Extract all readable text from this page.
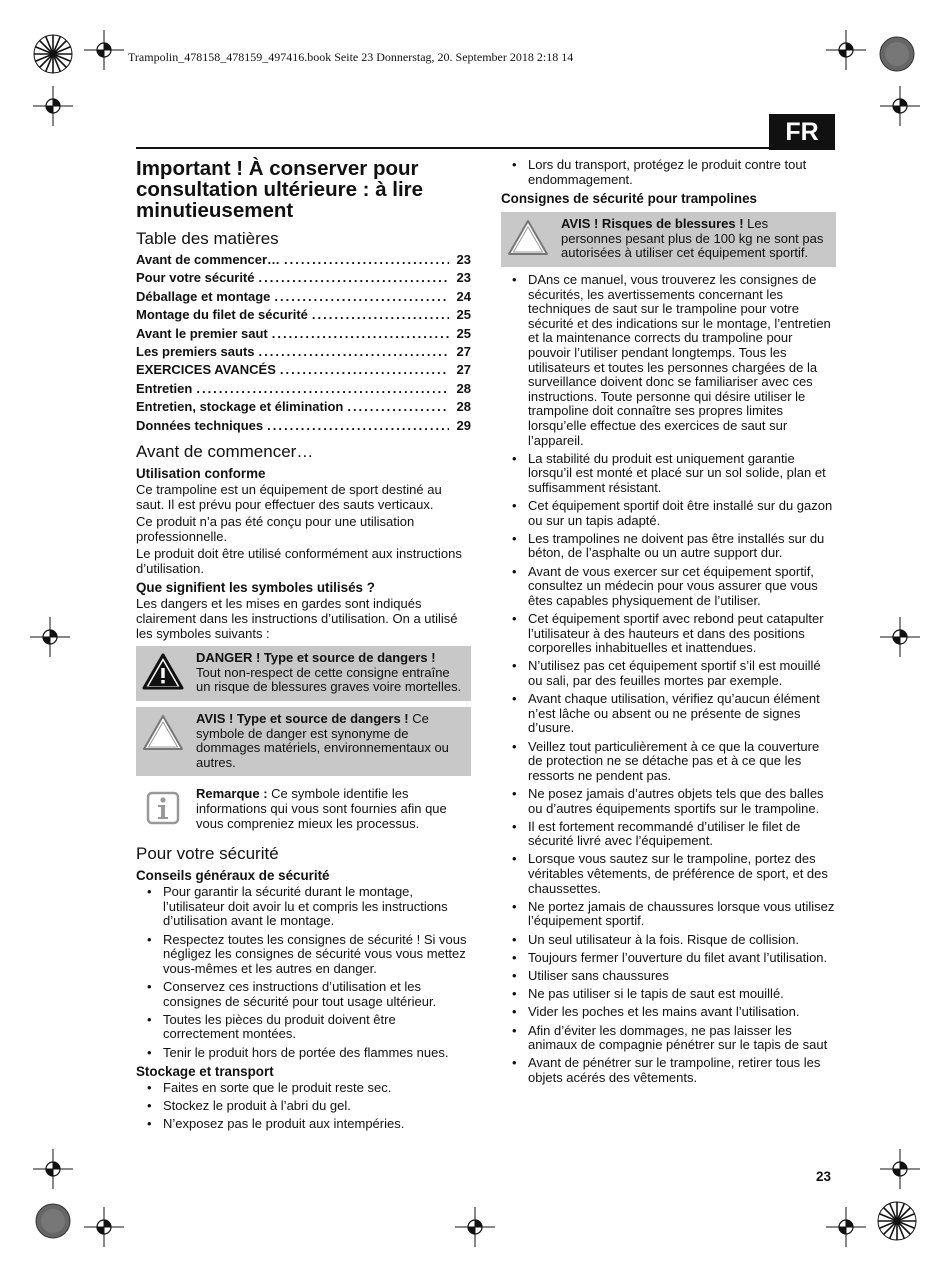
Trampolin_478158_478159_497416.book Seite 23 Donnerstag, 20. September 2018 2:18 14
FR
Important ! À conserver pour consultation ultérieure : à lire minutieusement
Table des matières
Avant de commencer… .....	23
Pour votre sécurité .....	23
Déballage et montage .....	24
Montage du filet de sécurité .....	25
Avant le premier saut .....	25
Les premiers sauts .....	27
EXERCICES AVANCÉS .....	27
Entretien .....	28
Entretien, stockage et élimination .....	28
Données techniques .....	29
Avant de commencer…
Utilisation conforme

Ce trampoline est un équipement de sport destiné au saut. Il est prévu pour effectuer des sauts verticaux.

Ce produit n’a pas été conçu pour une utilisation professionnelle.

Le produit doit être utilisé conformément aux instructions d’utilisation.

Que signifient les symboles utilisés ?

Les dangers et les mises en gardes sont indiqués clairement dans les instructions d’utilisation. On a utilisé les symboles suivants :

DANGER ! Type et source de dangers !
Tout non-respect de cette consigne entraîne un risque de blessures graves voire mortelles.
AVIS ! Type et source de dangers ! Ce symbole de danger est synonyme de dommages matériels, environnementaux ou autres.
Remarque : Ce symbole identifie les informations qui vous sont fournies afin que vous compreniez mieux les processus.
Pour votre sécurité
Conseils généraux de sécurité
• Pour garantir la sécurité durant le montage, l’utilisateur doit avoir lu et compris les instructions d’utilisation avant le montage.
• Respectez toutes les consignes de sécurité ! Si vous négligez les consignes de sécurité vous vous mettez vous-mêmes et les autres en danger.
• Conservez ces instructions d’utilisation et les consignes de sécurité pour tout usage ultérieur.
• Toutes les pièces du produit doivent être correctement montées.
• Tenir le produit hors de portée des flammes nues.
Stockage et transport
• Faites en sorte que le produit reste sec.
• Stockez le produit à l’abri du gel.
• N’exposez pas le produit aux intempéries.
• Lors du transport, protégez le produit contre tout endommagement.
Consignes de sécurité pour trampolines
AVIS ! Risques de blessures ! Les personnes pesant plus de 100 kg ne sont pas autorisées à utiliser cet équipement sportif.
• DAns ce manuel, vous trouverez les consignes de sécurités, les avertissements concernant les techniques de saut sur le trampoline pour votre sécurité et des indications sur le montage, l’entretien et la maintenance corrects du trampoline pour pouvoir l’utiliser pendant longtemps. Tous les utilisateurs et toutes les personnes chargées de la surveillance doivent donc se familiariser avec ces instructions. Toute personne qui désire utiliser le trampoline doit connaître ses propres limites lorsqu’elle effectue des exercices de saut sur l’appareil.
• La stabilité du produit est uniquement garantie lorsqu’il est monté et placé sur un sol solide, plan et suffisamment résistant.
• Cet équipement sportif doit être installé sur du gazon ou sur un tapis adapté.
• Les trampolines ne doivent pas être installés sur du béton, de l’asphalte ou un autre support dur.
• Avant de vous exercer sur cet équipement sportif, consultez un médecin pour vous assurer que vous êtes capables physiquement de l’utiliser.
• Cet équipement sportif avec rebond peut catapulter l’utilisateur à des hauteurs et dans des positions corporelles inhabituelles et inattendues.
• N’utilisez pas cet équipement sportif s’il est mouillé ou sali, par des feuilles mortes par exemple.
• Avant chaque utilisation, vérifiez qu’aucun élément n’est lâche ou absent ou ne présente de signes d’usure.
• Veillez tout particulièrement à ce que la couverture de protection ne se détache pas et à ce que les ressorts ne pendent pas.
• Ne posez jamais d’autres objets tels que des balles ou d’autres équipements sportifs sur le trampoline.
• Il est fortement recommandé d’utiliser le filet de sécurité livré avec l’équipement.
• Lorsque vous sautez sur le trampoline, portez des véritables vêtements, de préférence de sport, et des chaussettes.
• Ne portez jamais de chaussures lorsque vous utilisez l’équipement sportif.
• Un seul utilisateur à la fois. Risque de collision.
• Toujours fermer l’ouverture du filet avant l’utilisation.
• Utiliser sans chaussures
• Ne pas utiliser si le tapis de saut est mouillé.
• Vider les poches et les mains avant l’utilisation.
• Afin d’éviter les dommages, ne pas laisser les animaux de compagnie pénétrer sur le tapis de saut
• Avant de pénétrer sur le trampoline, retirer tous les objets acérés des vêtements.
23
